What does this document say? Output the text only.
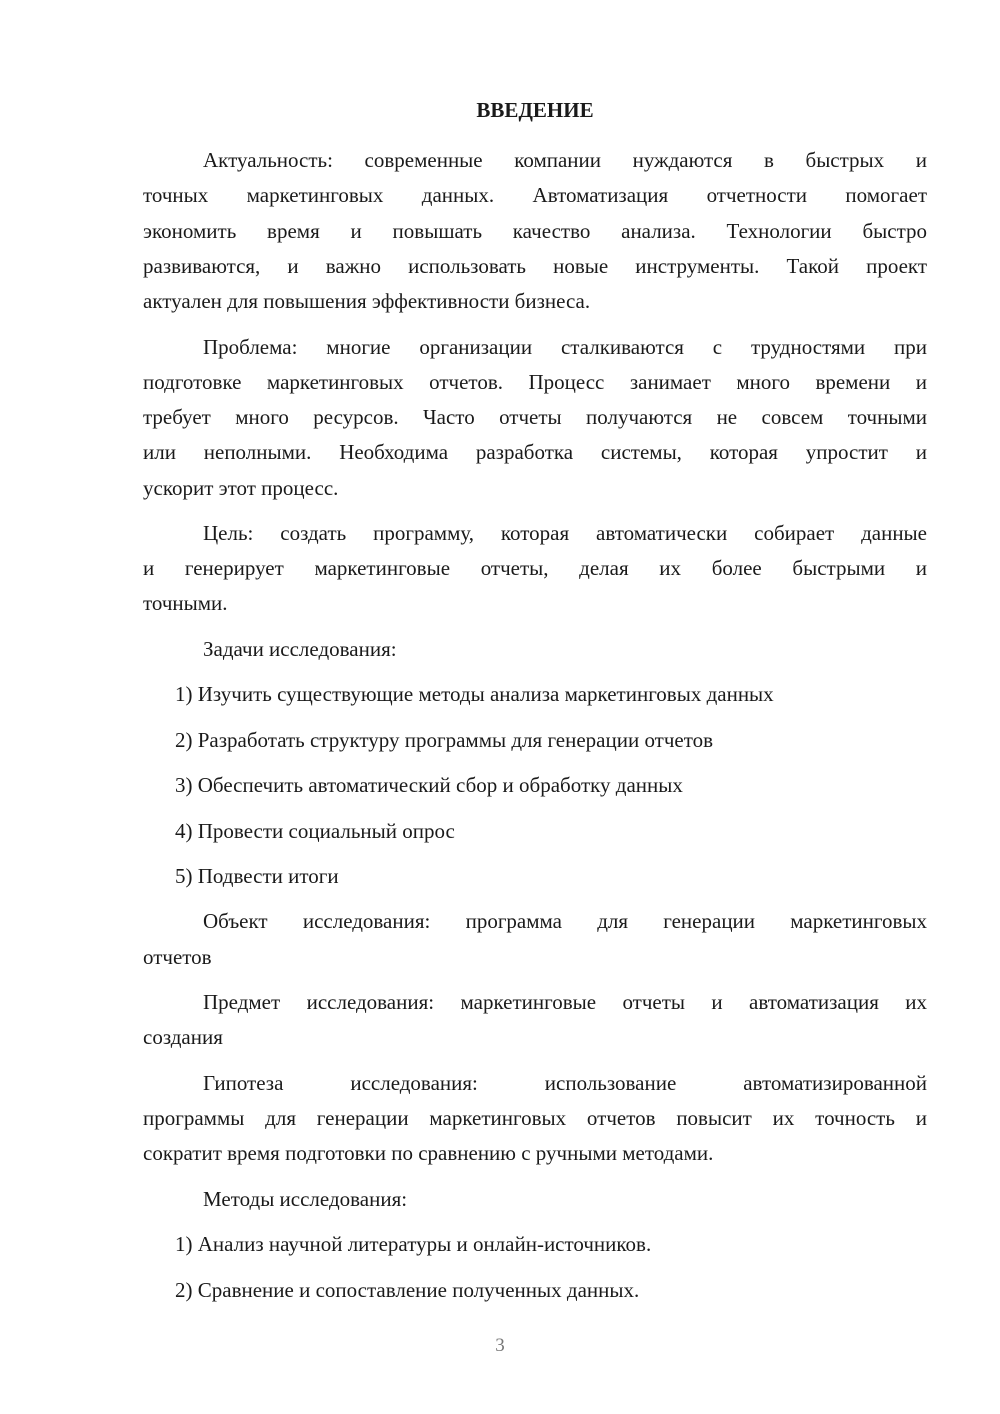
ВВЕДЕНИЕ
Актуальность: современные компании нуждаются в быстрых и
точных маркетинговых данных. Автоматизация отчетности помогает
экономить время и повышать качество анализа. Технологии быстро
развиваются, и важно использовать новые инструменты. Такой проект
актуален для повышения эффективности бизнеса.
Проблема: многие организации сталкиваются с трудностями при
подготовке маркетинговых отчетов. Процесс занимает много времени и
требует много ресурсов. Часто отчеты получаются не совсем точными
или неполными. Необходима разработка системы, которая упростит и
ускорит этот процесс.
Цель: создать программу, которая автоматически собирает данные
и генерирует маркетинговые отчеты, делая их более быстрыми и
точными.
Задачи исследования:
1) Изучить существующие методы анализа маркетинговых данных
2) Разработать структуру программы для генерации отчетов
3) Обеспечить автоматический сбор и обработку данных
4) Провести социальный опрос
5) Подвести итоги
Объект исследования: программа для генерации маркетинговых
отчетов
Предмет исследования: маркетинговые отчеты и автоматизация их
создания
Гипотеза исследования: использование автоматизированной
программы для генерации маркетинговых отчетов повысит их точность и
сократит время подготовки по сравнению с ручными методами.
Методы исследования:
1) Анализ научной литературы и онлайн-источников.
2) Сравнение и сопоставление полученных данных.
3
